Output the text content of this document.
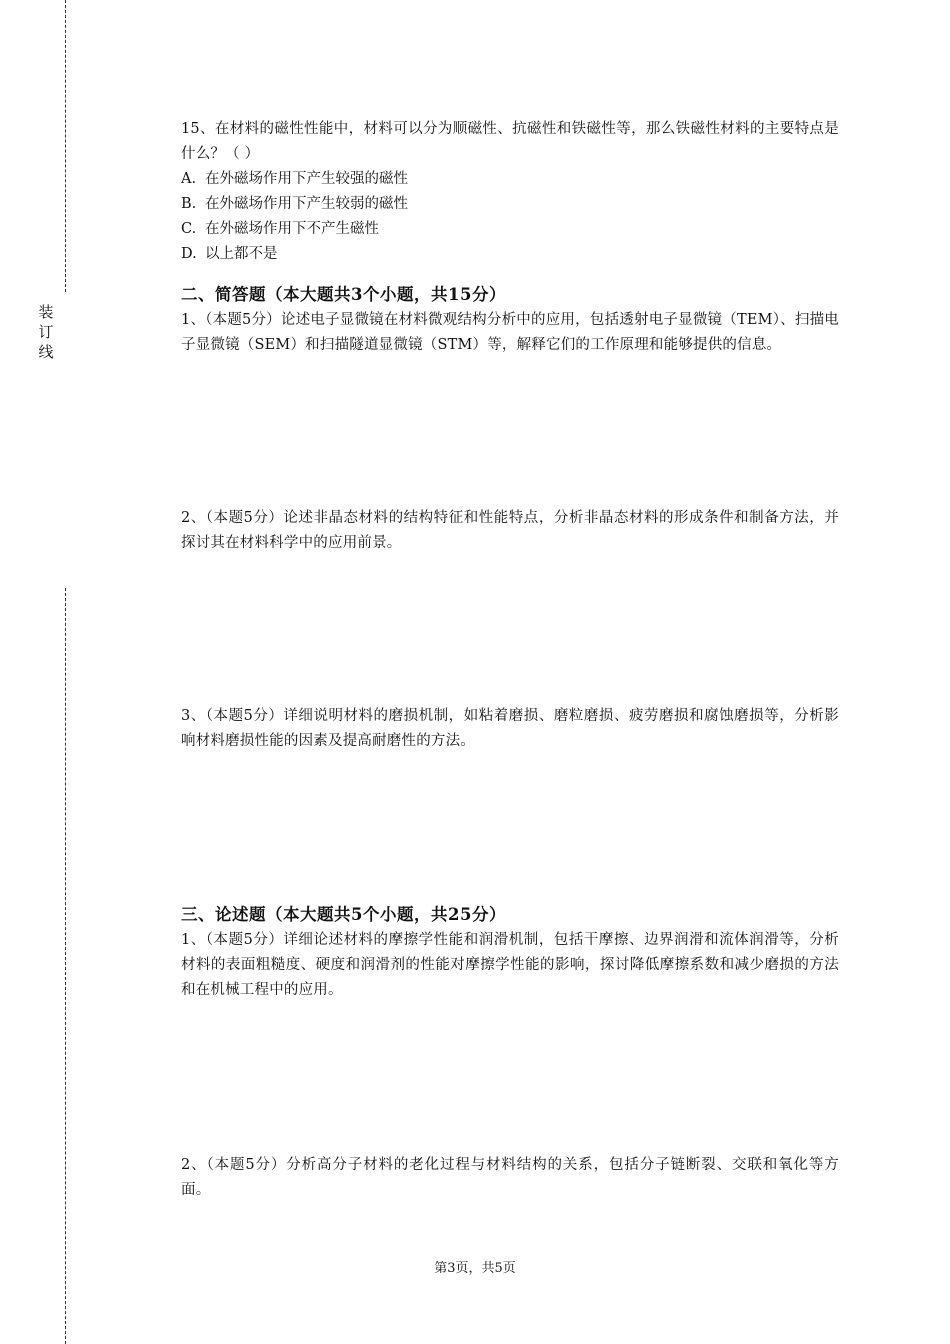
装
订
线

15、在材料的磁性性能中，材料可以分为顺磁性、抗磁性和铁磁性等，那么铁磁性材料的主要特点是什么？（ ）

A. 在外磁场作用下产生较强的磁性

B. 在外磁场作用下产生较弱的磁性

C. 在外磁场作用下不产生磁性

D. 以上都不是

二、简答题（本大题共3个小题，共15分）

1、（本题5分）论述电子显微镜在材料微观结构分析中的应用，包括透射电子显微镜（TEM）、扫描电子显微镜（SEM）和扫描隧道显微镜（STM）等，解释它们的工作原理和能够提供的信息。

2、（本题5分）论述非晶态材料的结构特征和性能特点，分析非晶态材料的形成条件和制备方法，并探讨其在材料科学中的应用前景。

3、（本题5分）详细说明材料的磨损机制，如粘着磨损、磨粒磨损、疲劳磨损和腐蚀磨损等，分析影响材料磨损性能的因素及提高耐磨性的方法。

三、论述题（本大题共5个小题，共25分）

1、（本题5分）详细论述材料的摩擦学性能和润滑机制，包括干摩擦、边界润滑和流体润滑等，分析材料的表面粗糙度、硬度和润滑剂的性能对摩擦学性能的影响，探讨降低摩擦系数和减少磨损的方法和在机械工程中的应用。

2、（本题5分）分析高分子材料的老化过程与材料结构的关系，包括分子链断裂、交联和氧化等方面。

第3页，共5页
